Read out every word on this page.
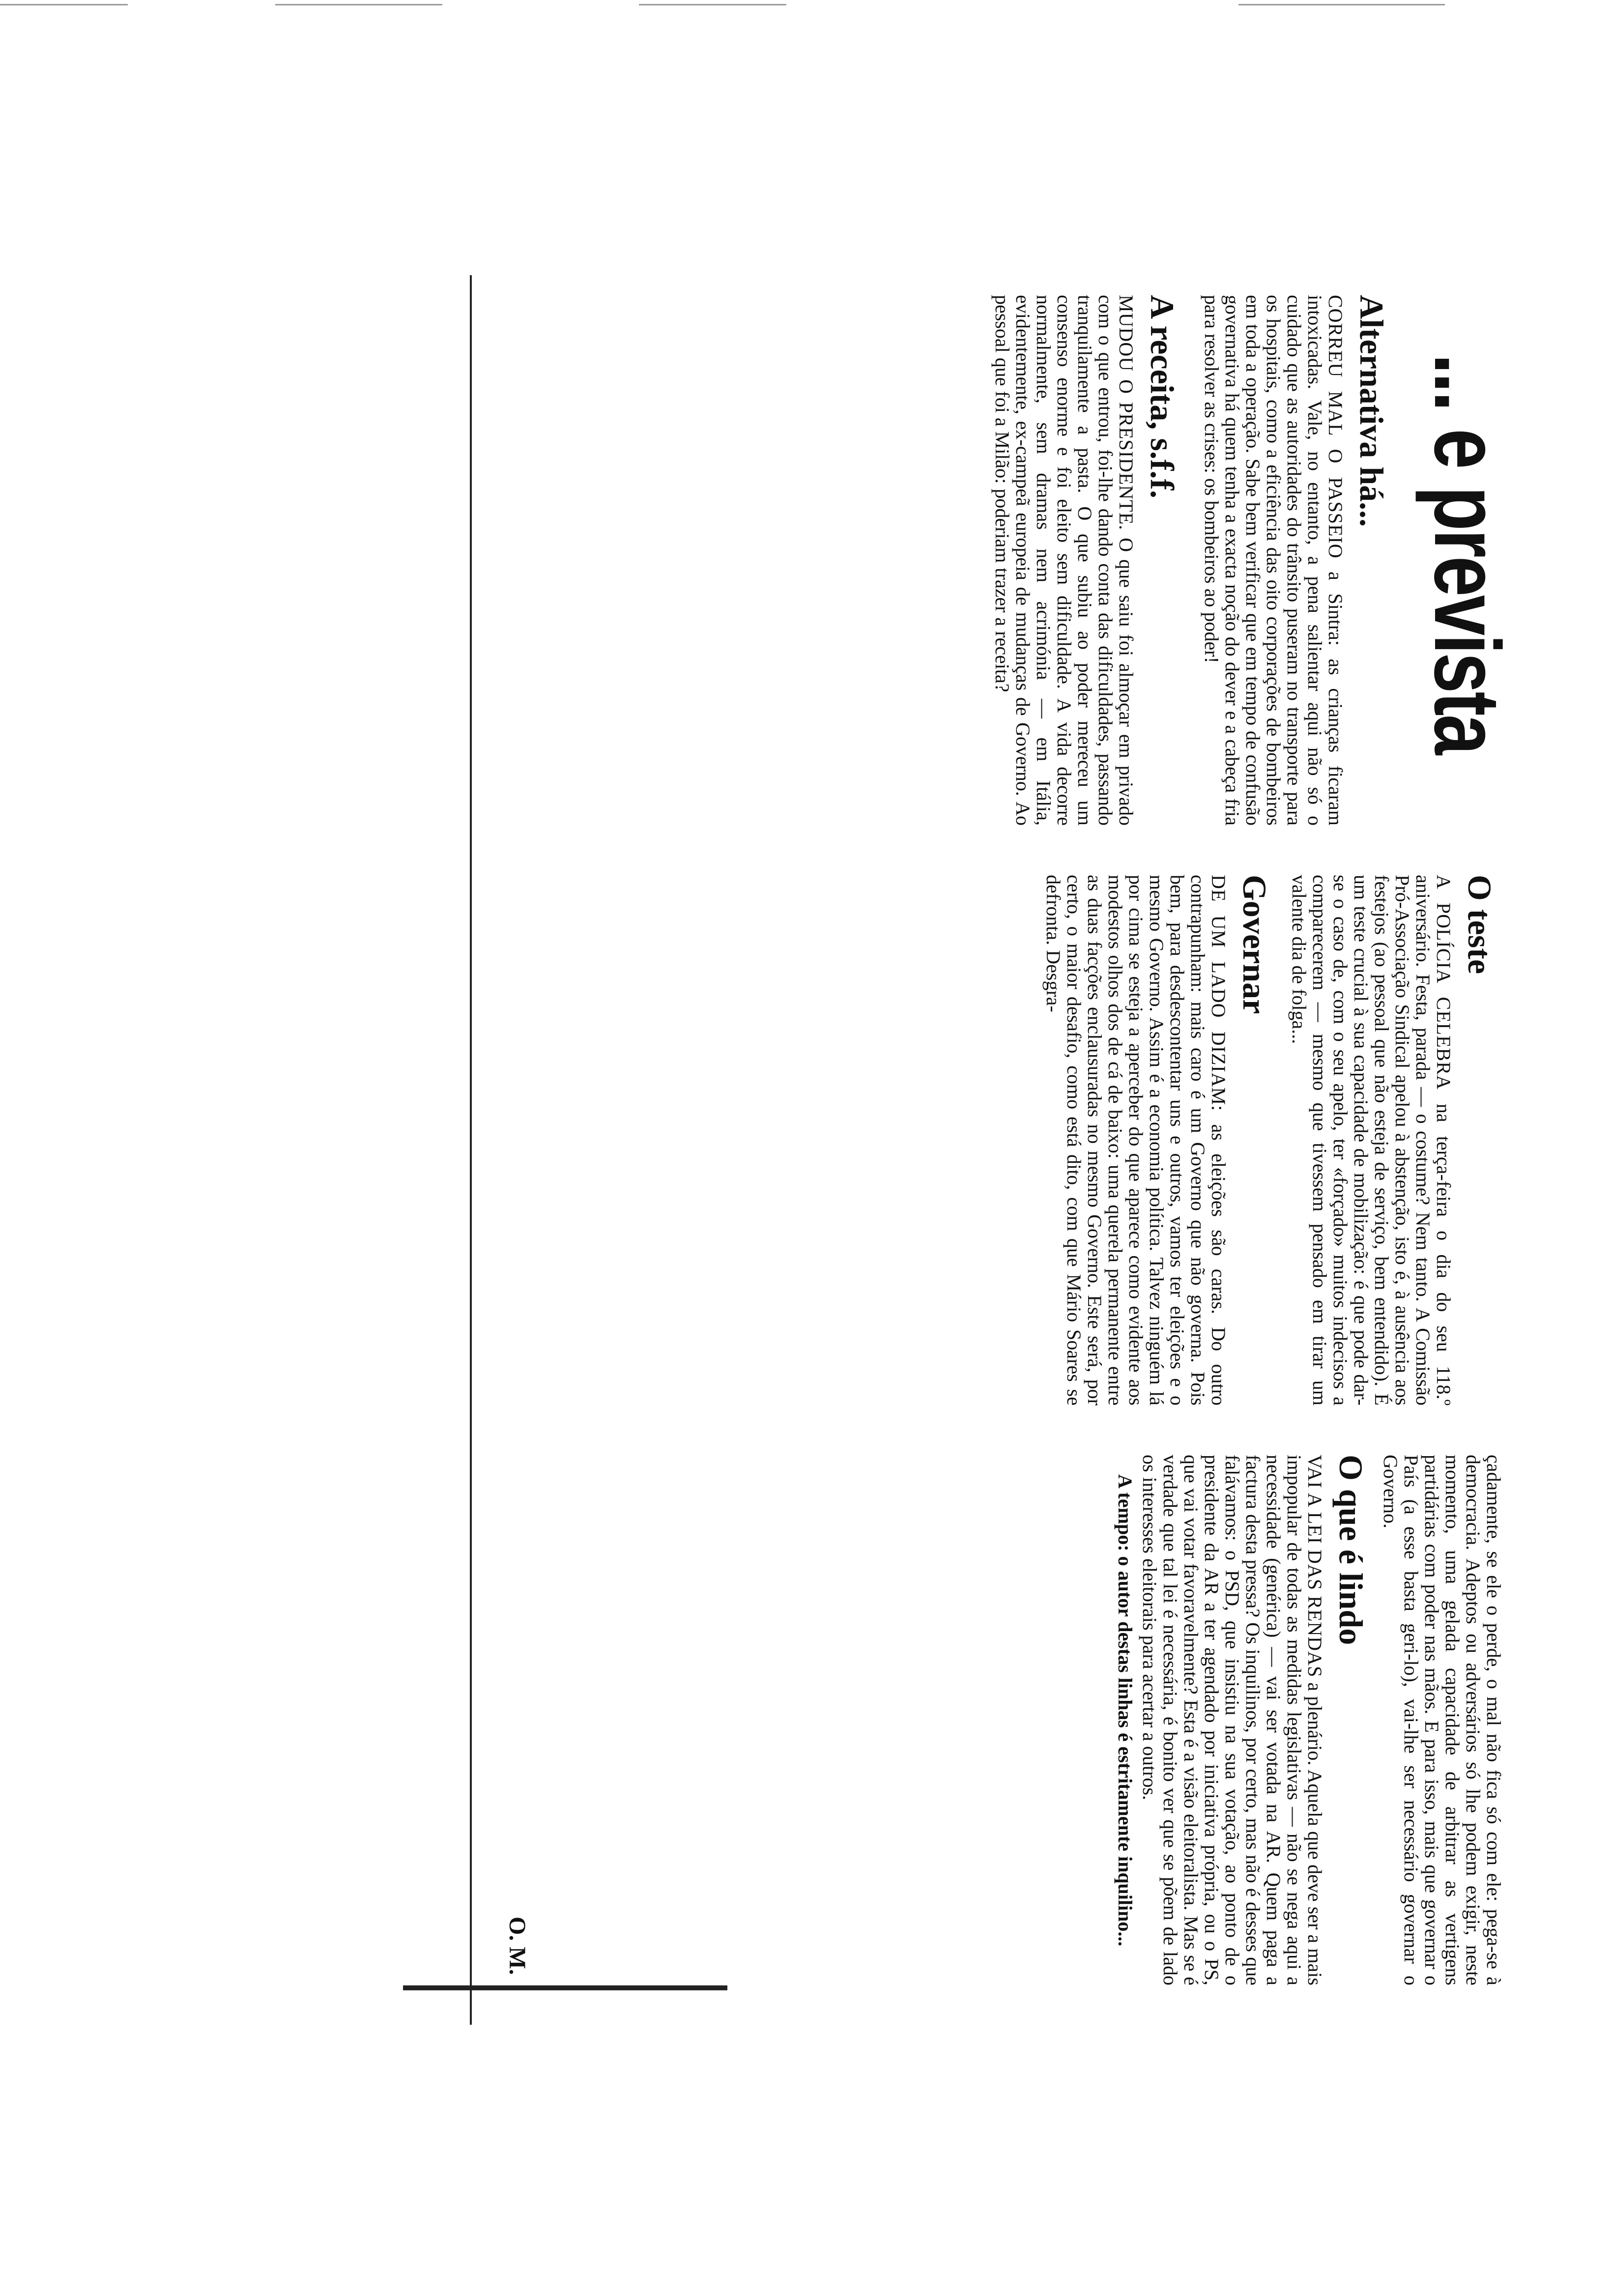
... e prevista
Alternativa há...

CORREU MAL O PASSEIO a Sintra: as crianças ficaram intoxicadas. Vale, no entanto, a pena salientar aqui não só o cuidado que as autoridades do trânsito puseram no transporte para os hospitais, como a eficiência das oito corporações de bombeiros em toda a operação. Sabe bem verificar que em tempo de confusão governativa há quem tenha a exacta noção do dever e a cabeça fria para resolver as crises: os bombeiros ao poder!

A receita, s.f.f.

MUDOU O PRESIDENTE. O que saiu foi almoçar em privado com o que entrou, foi-lhe dando conta das dificuldades, passando tranquilamente a pasta. O que subiu ao poder mereceu um consenso enorme e foi eleito sem dificuldade. A vida decorre normalmente, sem dramas nem acrimónia — em Itália, evidentemente, ex-campeã europeia de mudanças de Governo. Ao pessoal que foi a Milão: poderiam trazer a receita?

O teste

A POLÍCIA CELEBRA na terça-feira o dia do seu 118.º aniversário. Festa, parada — o costume? Nem tanto. A Comissão Pró-Associação Sindical apelou à abstenção, isto é, à ausência aos festejos (ao pessoal que não esteja de serviço, bem entendido). É um teste crucial à sua capacidade de mobilização: é que pode dar-se o caso de, com o seu apelo, ter «forçado» muitos indecisos a comparecerem — mesmo que tivessem pensado em tirar um valente dia de folga...

Governar

DE UM LADO DIZIAM: as eleições são caras. Do outro contrapunham: mais caro é um Governo que não governa. Pois bem, para desdescontentar uns e outros, vamos ter eleições e o mesmo Governo. Assim é a economia política. Talvez ninguém lá por cima se esteja a aperceber do que aparece como evidente aos modestos olhos dos de cá de baixo: uma querela permanente entre as duas facções enclausuradas no mesmo Governo. Este será, por certo, o maior desafio, como está dito, com que Mário Soares se defronta. Desgra-

çadamente, se ele o perde, o mal não fica só com ele: pega-se à democracia. Adeptos ou adversários só lhe podem exigir, neste momento, uma gelada capacidade de arbitrar as vertigens partidárias com poder nas mãos. E para isso, mais que governar o País (a esse basta geri-lo), vai-lhe ser necessário governar o Governo.

O que é lindo

VAI A LEI DAS RENDAS a plenário. Aquela que deve ser a mais impopular de todas as medidas legislativas — não se nega aqui a necessidade (genérica) — vai ser votada na AR. Quem paga a factura desta pressa? Os inquilinos, por certo, mas não é desses que falávamos: o PSD, que insistiu na sua votação, ao ponto de o presidente da AR a ter agendado por iniciativa própria, ou o PS, que vai votar favoravelmente? Esta é a visão eleitoralista. Mas se é verdade que tal lei é necessária, é bonito ver que se põem de lado os interesses eleitorais para acertar a outros.

A tempo: o autor destas linhas é estritamente inquilino...

O. M.
